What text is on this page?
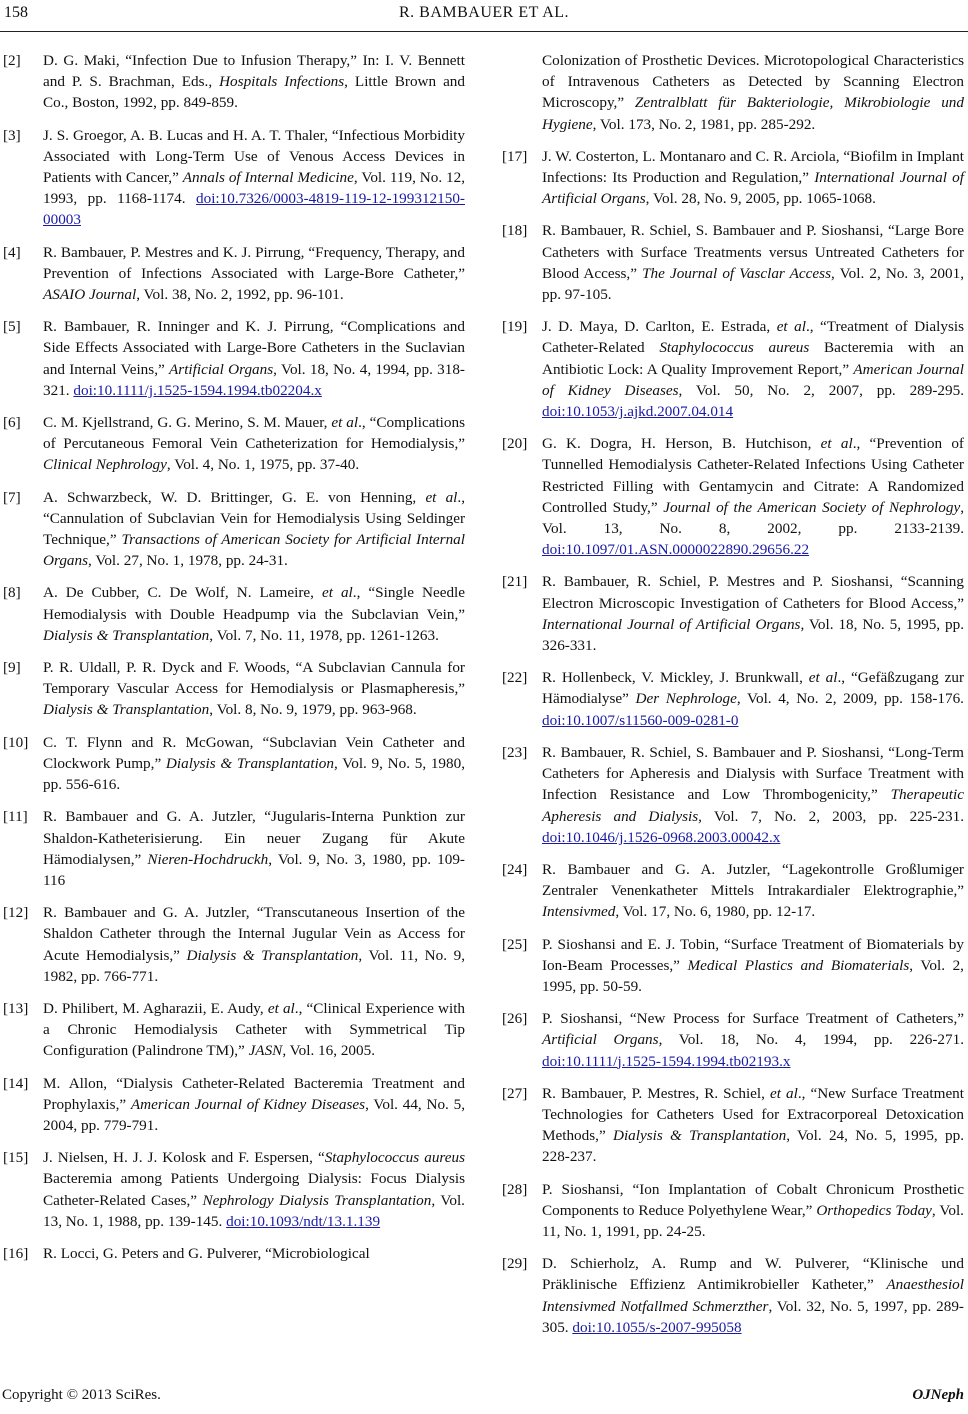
158	R. BAMBAUER ET AL.
[2]	D. G. Maki, “Infection Due to Infusion Therapy,” In: I. V. Bennett and P. S. Brachman, Eds., Hospitals Infections, Little Brown and Co., Boston, 1992, pp. 849-859.
[3]	J. S. Groegor, A. B. Lucas and H. A. T. Thaler, “Infectious Morbidity Associated with Long-Term Use of Venous Access Devices in Patients with Cancer,” Annals of Internal Medicine, Vol. 119, No. 12, 1993, pp. 1168-1174. doi:10.7326/0003-4819-119-12-199312150-00003
[4]	R. Bambauer, P. Mestres and K. J. Pirrung, “Frequency, Therapy, and Prevention of Infections Associated with Large-Bore Catheter,” ASAIO Journal, Vol. 38, No. 2, 1992, pp. 96-101.
[5]	R. Bambauer, R. Inninger and K. J. Pirrung, “Complications and Side Effects Associated with Large-Bore Catheters in the Suclavian and Internal Veins,” Artificial Organs, Vol. 18, No. 4, 1994, pp. 318-321. doi:10.1111/j.1525-1594.1994.tb02204.x
[6]	C. M. Kjellstrand, G. G. Merino, S. M. Mauer, et al., “Complications of Percutaneous Femoral Vein Catheterization for Hemodialysis,” Clinical Nephrology, Vol. 4, No. 1, 1975, pp. 37-40.
[7]	A. Schwarzbeck, W. D. Brittinger, G. E. von Henning, et al., “Cannulation of Subclavian Vein for Hemodialysis Using Seldinger Technique,” Transactions of American Society for Artificial Internal Organs, Vol. 27, No. 1, 1978, pp. 24-31.
[8]	A. De Cubber, C. De Wolf, N. Lameire, et al., “Single Needle Hemodialysis with Double Headpump via the Subclavian Vein,” Dialysis & Transplantation, Vol. 7, No. 11, 1978, pp. 1261-1263.
[9]	P. R. Uldall, P. R. Dyck and F. Woods, “A Subclavian Cannula for Temporary Vascular Access for Hemodialysis or Plasmapheresis,” Dialysis & Transplantation, Vol. 8, No. 9, 1979, pp. 963-968.
[10] C. T. Flynn and R. McGowan, “Subclavian Vein Catheter and Clockwork Pump,” Dialysis & Transplantation, Vol. 9, No. 5, 1980, pp. 556-616.
[11]	R. Bambauer and G. A. Jutzler, “Jugularis-Interna Punktion zur Shaldon-Katheterisierung. Ein neuer Zugang für Akute Hämodialysen,” Nieren-Hochdruckh, Vol. 9, No. 3, 1980, pp. 109-116
[12] R. Bambauer and G. A. Jutzler, “Transcutaneous Insertion of the Shaldon Catheter through the Internal Jugular Vein as Access for Acute Hemodialysis,” Dialysis & Transplantation, Vol. 11, No. 9, 1982, pp. 766-771.
[13] D. Philibert, M. Agharazii, E. Audy, et al., “Clinical Experience with a Chronic Hemodialysis Catheter with Symmetrical Tip Configuration (Palindrone TM),” JASN, Vol. 16, 2005.
[14] M. Allon, “Dialysis Catheter-Related Bacteremia Treatment and Prophylaxis,” American Journal of Kidney Diseases, Vol. 44, No. 5, 2004, pp. 779-791.
[15] J. Nielsen, H. J. J. Kolosk and F. Espersen, “Staphylococcus aureus Bacteremia among Patients Undergoing Dialysis: Focus Dialysis Catheter-Related Cases,” Nephrology Dialysis Transplantation, Vol. 13, No. 1, 1988, pp. 139-145. doi:10.1093/ndt/13.1.139
[16] R. Locci, G. Peters and G. Pulverer, “Microbiological
Colonization of Prosthetic Devices. Microtopological Characteristics of Intravenous Catheters as Detected by Scanning Electron Microscopy,” Zentralblatt für Bakteriologie, Mikrobiologie und Hygiene, Vol. 173, No. 2, 1981, pp. 285-292.
[17] J. W. Costerton, L. Montanaro and C. R. Arciola, “Biofilm in Implant Infections: Its Production and Regulation,” International Journal of Artificial Organs, Vol. 28, No. 9, 2005, pp. 1065-1068.
[18] R. Bambauer, R. Schiel, S. Bambauer and P. Sioshansi, “Large Bore Catheters with Surface Treatments versus Untreated Catheters for Blood Access,” The Journal of Vasclar Access, Vol. 2, No. 3, 2001, pp. 97-105.
[19] J. D. Maya, D. Carlton, E. Estrada, et al., “Treatment of Dialysis Catheter-Related Staphylococcus aureus Bacteremia with an Antibiotic Lock: A Quality Improvement Report,” American Journal of Kidney Diseases, Vol. 50, No. 2, 2007, pp. 289-295. doi:10.1053/j.ajkd.2007.04.014
[20] G. K. Dogra, H. Herson, B. Hutchison, et al., “Prevention of Tunnelled Hemodialysis Catheter-Related Infections Using Catheter Restricted Filling with Gentamycin and Citrate: A Randomized Controlled Study,” Journal of the American Society of Nephrology, Vol. 13, No. 8, 2002, pp. 2133-2139. doi:10.1097/01.ASN.0000022890.29656.22
[21] R. Bambauer, R. Schiel, P. Mestres and P. Sioshansi, “Scanning Electron Microscopic Investigation of Catheters for Blood Access,” International Journal of Artificial Organs, Vol. 18, No. 5, 1995, pp. 326-331.
[22] R. Hollenbeck, V. Mickley, J. Brunkwall, et al., “Gefäßzugang zur Hämodialyse” Der Nephrologe, Vol. 4, No. 2, 2009, pp. 158-176. doi:10.1007/s11560-009-0281-0
[23] R. Bambauer, R. Schiel, S. Bambauer and P. Sioshansi, “Long-Term Catheters for Apheresis and Dialysis with Surface Treatment with Infection Resistance and Low Thrombogenicity,” Therapeutic Apheresis and Dialysis, Vol. 7, No. 2, 2003, pp. 225-231. doi:10.1046/j.1526-0968.2003.00042.x
[24] R. Bambauer and G. A. Jutzler, “Lagekontrolle Großlumiger Zentraler Venenkatheter Mittels Intrakardialer Elektrographie,” Intensivmed, Vol. 17, No. 6, 1980, pp. 12-17.
[25] P. Sioshansi and E. J. Tobin, “Surface Treatment of Biomaterials by Ion-Beam Processes,” Medical Plastics and Biomaterials, Vol. 2, 1995, pp. 50-59.
[26] P. Sioshansi, “New Process for Surface Treatment of Catheters,” Artificial Organs, Vol. 18, No. 4, 1994, pp. 226-271. doi:10.1111/j.1525-1594.1994.tb02193.x
[27] R. Bambauer, P. Mestres, R. Schiel, et al., “New Surface Treatment Technologies for Catheters Used for Extracorporeal Detoxication Methods,” Dialysis & Transplantation, Vol. 24, No. 5, 1995, pp. 228-237.
[28] P. Sioshansi, “Ion Implantation of Cobalt Chronicum Prosthetic Components to Reduce Polyethylene Wear,” Orthopedics Today, Vol. 11, No. 1, 1991, pp. 24-25.
[29] D. Schierholz, A. Rump and W. Pulverer, “Klinische und Präklinische Effizienz Antimikrobieller Katheter,” Anaesthesiol Intensivmed Notfallmed Schmerzther, Vol. 32, No. 5, 1997, pp. 289-305. doi:10.1055/s-2007-995058
Copyright © 2013 SciRes.	OJNeph
